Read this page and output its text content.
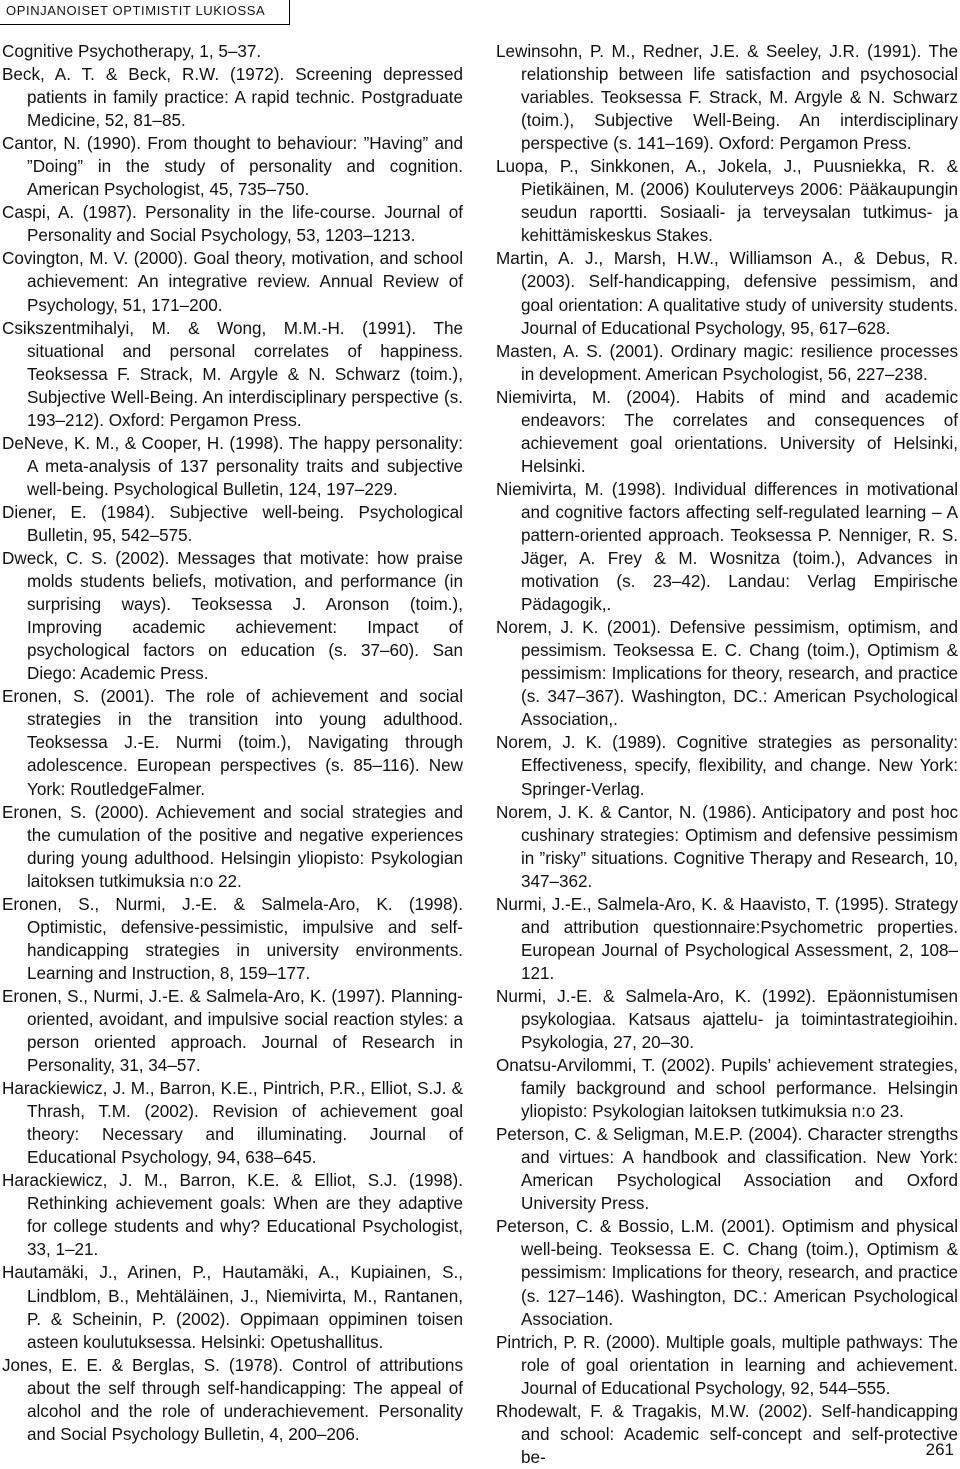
OPINJANOISET OPTIMISTIT LUKIOSSA

Cognitive Psychotherapy, 1, 5–37.

Beck, A. T. & Beck, R.W. (1972). Screening depressed patients in family practice: A rapid technic. Postgraduate Medicine, 52, 81–85.

Cantor, N. (1990). From thought to behaviour: ”Having” and ”Doing” in the study of personality and cognition. American Psychologist, 45, 735–750.

Caspi, A. (1987). Personality in the life-course. Journal of Personality and Social Psychology, 53, 1203–1213.

Covington, M. V. (2000). Goal theory, motivation, and school achievement: An integrative review. Annual Review of Psychology, 51, 171–200.

Csikszentmihalyi, M. & Wong, M.M.-H. (1991). The situational and personal correlates of happiness. Teoksessa F. Strack, M. Argyle & N. Schwarz (toim.), Subjective Well-Being. An interdisciplinary perspective (s. 193–212). Oxford: Pergamon Press.

DeNeve, K. M., & Cooper, H. (1998). The happy personality: A meta-analysis of 137 personality traits and subjective well-being. Psychological Bulletin, 124, 197–229.

Diener, E. (1984). Subjective well-being. Psychological Bulletin, 95, 542–575.

Dweck, C. S. (2002). Messages that motivate: how praise molds students beliefs, motivation, and performance (in surprising ways). Teoksessa J. Aronson (toim.), Improving academic achievement: Impact of psychological factors on education (s. 37–60). San Diego: Academic Press.

Eronen, S. (2001). The role of achievement and social strategies in the transition into young adulthood. Teoksessa J.-E. Nurmi (toim.), Navigating through adolescence. European perspectives (s. 85–116). New York: RoutledgeFalmer.

Eronen, S. (2000). Achievement and social strategies and the cumulation of the positive and negative experiences during young adulthood. Helsingin yliopisto: Psykologian laitoksen tutkimuksia n:o 22.

Eronen, S., Nurmi, J.-E. & Salmela-Aro, K. (1998). Optimistic, defensive-pessimistic, impulsive and self-handicapping strategies in university environments. Learning and Instruction, 8, 159–177.

Eronen, S., Nurmi, J.-E. & Salmela-Aro, K. (1997). Planning-oriented, avoidant, and impulsive social reaction styles: a person oriented approach. Journal of Research in Personality, 31, 34–57.

Harackiewicz, J. M., Barron, K.E., Pintrich, P.R., Elliot, S.J. & Thrash, T.M. (2002). Revision of achievement goal theory: Necessary and illuminating. Journal of Educational Psychology, 94, 638–645.

Harackiewicz, J. M., Barron, K.E. & Elliot, S.J. (1998). Rethinking achievement goals: When are they adaptive for college students and why? Educational Psychologist, 33, 1–21.

Hautamäki, J., Arinen, P., Hautamäki, A., Kupiainen, S., Lindblom, B., Mehtäläinen, J., Niemivirta, M., Rantanen, P. & Scheinin, P. (2002). Oppimaan oppiminen toisen asteen koulutuksessa. Helsinki: Opetushallitus.

Jones, E. E. & Berglas, S. (1978). Control of attributions about the self through self-handicapping: The appeal of alcohol and the role of underachievement. Personality and Social Psychology Bulletin, 4, 200–206.

Lewinsohn, P. M., Redner, J.E. & Seeley, J.R. (1991). The relationship between life satisfaction and psychosocial variables. Teoksessa F. Strack, M. Argyle & N. Schwarz (toim.), Subjective Well-Being. An interdisciplinary perspective (s. 141–169). Oxford: Pergamon Press.

Luopa, P., Sinkkonen, A., Jokela, J., Puusniekka, R. & Pietikäinen, M. (2006) Kouluterveys 2006: Pääkaupungin seudun raportti. Sosiaali- ja terveysalan tutkimus- ja kehittämiskeskus Stakes.

Martin, A. J., Marsh, H.W., Williamson A., & Debus, R. (2003). Self-handicapping, defensive pessimism, and goal orientation: A qualitative study of university students. Journal of Educational Psychology, 95, 617–628.

Masten, A. S. (2001). Ordinary magic: resilience processes in development. American Psychologist, 56, 227–238.

Niemivirta, M. (2004). Habits of mind and academic endeavors: The correlates and consequences of achievement goal orientations. University of Helsinki, Helsinki.

Niemivirta, M. (1998). Individual differences in motivational and cognitive factors affecting self-regulated learning – A pattern-oriented approach. Teoksessa P. Nenniger, R. S. Jäger, A. Frey & M. Wosnitza (toim.), Advances in motivation (s. 23–42). Landau: Verlag Empirische Pädagogik,.

Norem, J. K. (2001). Defensive pessimism, optimism, and pessimism. Teoksessa E. C. Chang (toim.), Optimism & pessimism: Implications for theory, research, and practice (s. 347–367). Washington, DC.: American Psychological Association,.

Norem, J. K. (1989). Cognitive strategies as personality: Effectiveness, specify, flexibility, and change. New York: Springer-Verlag.

Norem, J. K. & Cantor, N. (1986). Anticipatory and post hoc cushinary strategies: Optimism and defensive pessimism in ”risky” situations. Cognitive Therapy and Research, 10, 347–362.

Nurmi, J.-E., Salmela-Aro, K. & Haavisto, T. (1995). Strategy and attribution questionnaire:Psychometric properties. European Journal of Psychological Assessment, 2, 108–121.

Nurmi, J.-E. & Salmela-Aro, K. (1992). Epäonnistumisen psykologiaa. Katsaus ajattelu- ja toimintastrategioihin. Psykologia, 27, 20–30.

Onatsu-Arvilommi, T. (2002). Pupils’ achievement strategies, family background and school performance. Helsingin yliopisto: Psykologian laitoksen tutkimuksia n:o 23.

Peterson, C. & Seligman, M.E.P. (2004). Character strengths and virtues: A handbook and classification. New York: American Psychological Association and Oxford University Press.

Peterson, C. & Bossio, L.M. (2001). Optimism and physical well-being. Teoksessa E. C. Chang (toim.), Optimism & pessimism: Implications for theory, research, and practice (s. 127–146). Washington, DC.: American Psychological Association.

Pintrich, P. R. (2000). Multiple goals, multiple pathways: The role of goal orientation in learning and achievement. Journal of Educational Psychology, 92, 544–555.

Rhodewalt, F. & Tragakis, M.W. (2002). Self-handicapping and school: Academic self-concept and self-protective be-	261
